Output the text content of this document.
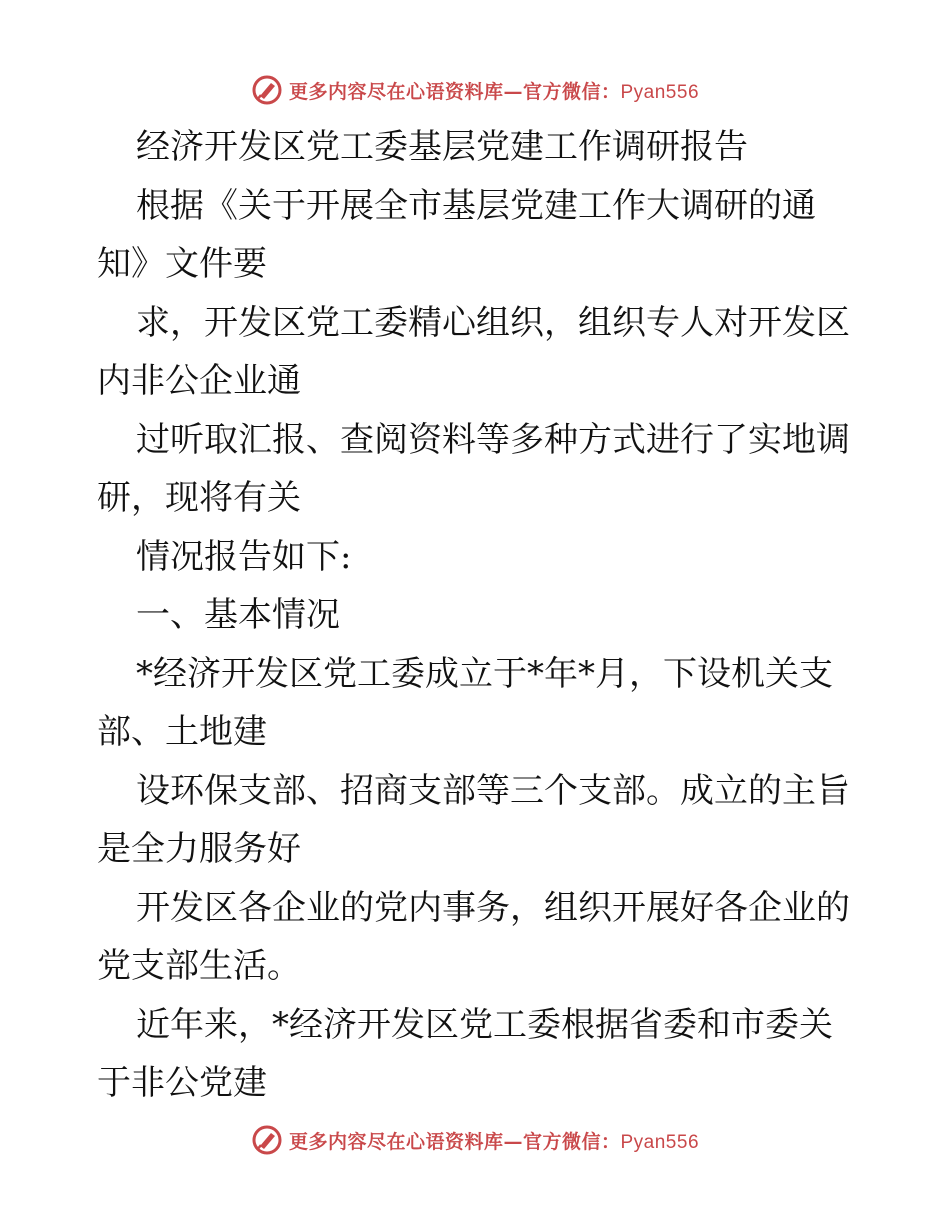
更多内容尽在心语资料库—官方微信：Pyan556
经济开发区党工委基层党建工作调研报告
根据《关于开展全市基层党建工作大调研的通
知》文件要
求，开发区党工委精心组织，组织专人对开发区
内非公企业通
过听取汇报、查阅资料等多种方式进行了实地调
研，现将有关
情况报告如下:
一、基本情况
*经济开发区党工委成立于*年*月，下设机关支
部、土地建
设环保支部、招商支部等三个支部。成立的主旨
是全力服务好
开发区各企业的党内事务，组织开展好各企业的
党支部生活。
近年来，*经济开发区党工委根据省委和市委关
于非公党建
更多内容尽在心语资料库—官方微信：Pyan556
